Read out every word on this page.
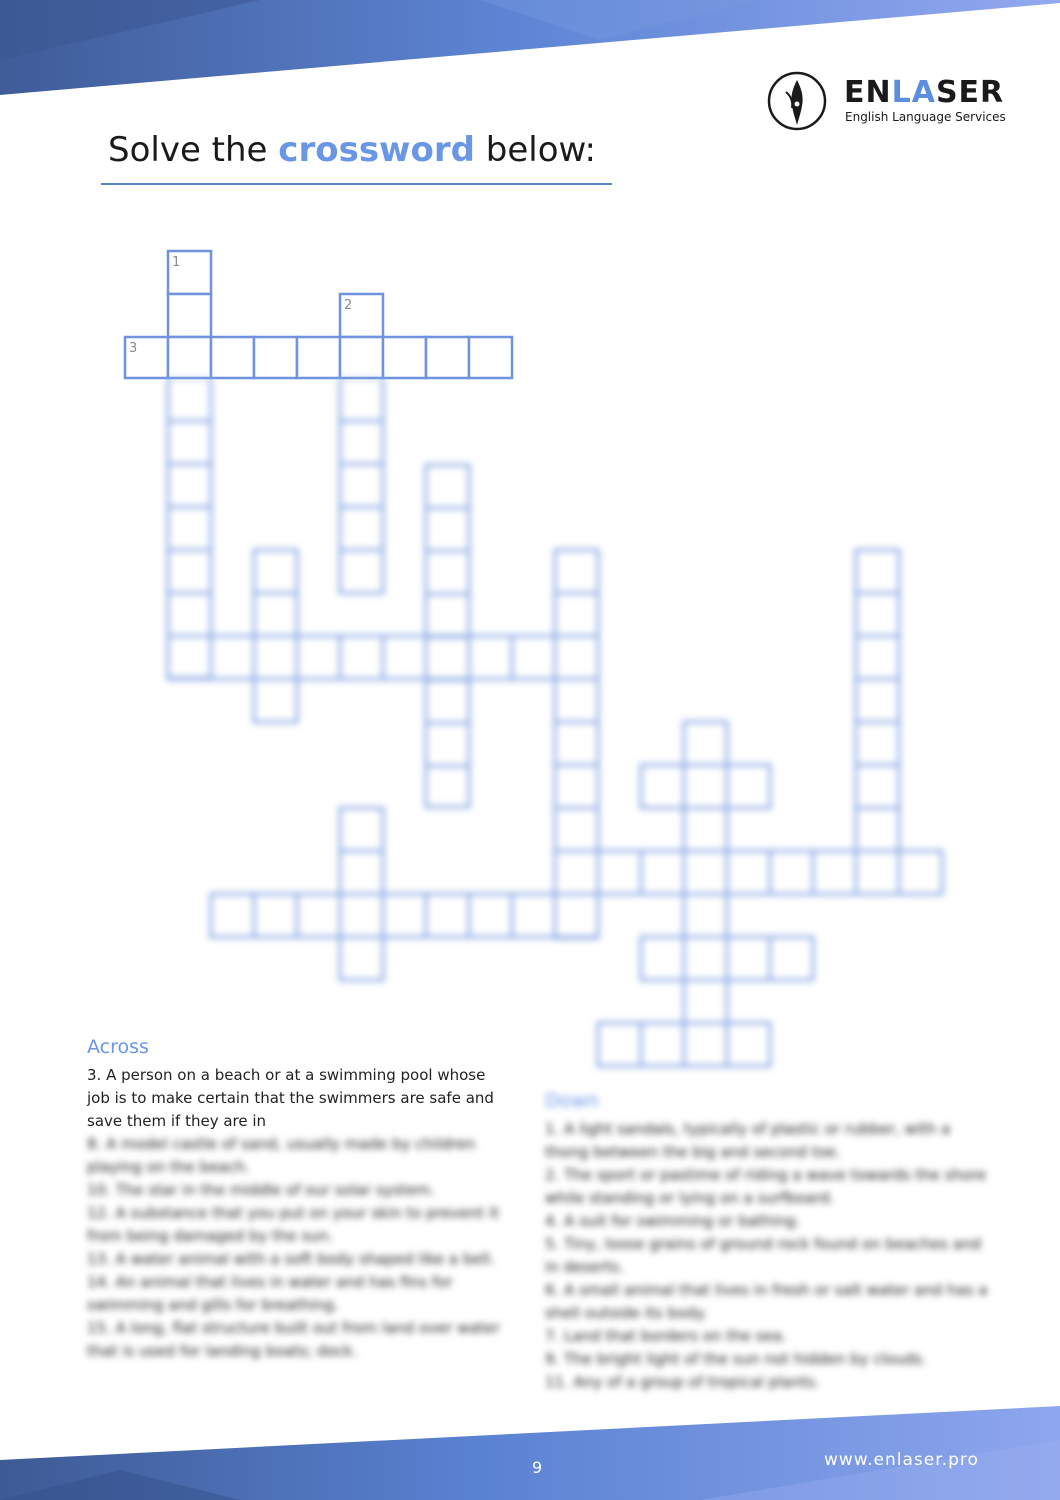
ENLASER
English Language Services
Solve the crossword below:
1
2
3
Across

3. A person on a beach or at a swimming pool whose job is to make certain that the swimmers are safe and save them if they are in

8. A model castle of sand, usually made by children playing on the beach.

10. The star in the middle of our solar system.

12. A substance that you put on your skin to prevent it from being damaged by the sun.

13. A water animal with a soft body shaped like a bell.

14. An animal that lives in water and has fins for swimming and gills for breathing.

15. A long, flat structure built out from land over water that is used for landing boats; dock.

Down

1. A light sandals, typically of plastic or rubber, with a thong between the big and second toe.

2. The sport or pastime of riding a wave towards the shore while standing or lying on a surfboard.

4. A suit for swimming or bathing.

5. Tiny, loose grains of ground rock found on beaches and in deserts.

6. A small animal that lives in fresh or salt water and has a shell outside its body.

7. Land that borders on the sea.

9. The bright light of the sun not hidden by clouds.

11. Any of a group of tropical plants.

9	www.enlaser.pro
